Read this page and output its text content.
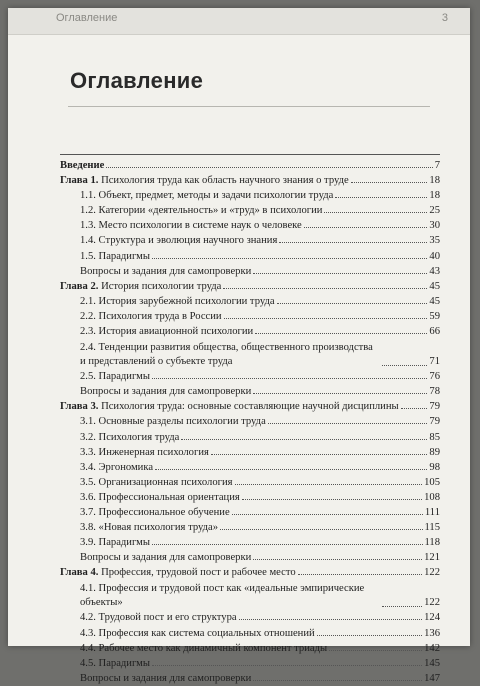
Оглавление	3
Оглавление
Введение	7
Глава 1. Психология труда как область научного знания о труде	18
1.1. Объект, предмет, методы и задачи психологии труда	18
1.2. Категории «деятельность» и «труд» в психологии	25
1.3. Место психологии в системе наук о человеке	30
1.4. Структура и эволюция научного знания	35
1.5. Парадигмы	40
Вопросы и задания для самопроверки	43
Глава 2. История психологии труда	45
2.1. История зарубежной психологии труда	45
2.2. Психология труда в России	59
2.3. История авиационной психологии	66
2.4. Тенденции развития общества, общественного производства и представлений о субъекте труда	71
2.5. Парадигмы	76
Вопросы и задания для самопроверки	78
Глава 3. Психология труда: основные составляющие научной дисциплины	79
3.1. Основные разделы психологии труда	79
3.2. Психология труда	85
3.3. Инженерная психология	89
3.4. Эргономика	98
3.5. Организационная психология	105
3.6. Профессиональная ориентация	108
3.7. Профессиональное обучение	111
3.8. «Новая психология труда»	115
3.9. Парадигмы	118
Вопросы и задания для самопроверки	121
Глава 4. Профессия, трудовой пост и рабочее место	122
4.1. Профессия и трудовой пост как «идеальные эмпирические объекты»	122
4.2. Трудовой пост и его структура	124
4.3. Профессия как система социальных отношений	136
4.4. Рабочее место как динамичный компонент триады	142
4.5. Парадигмы	145
Вопросы и задания для самопроверки	147
